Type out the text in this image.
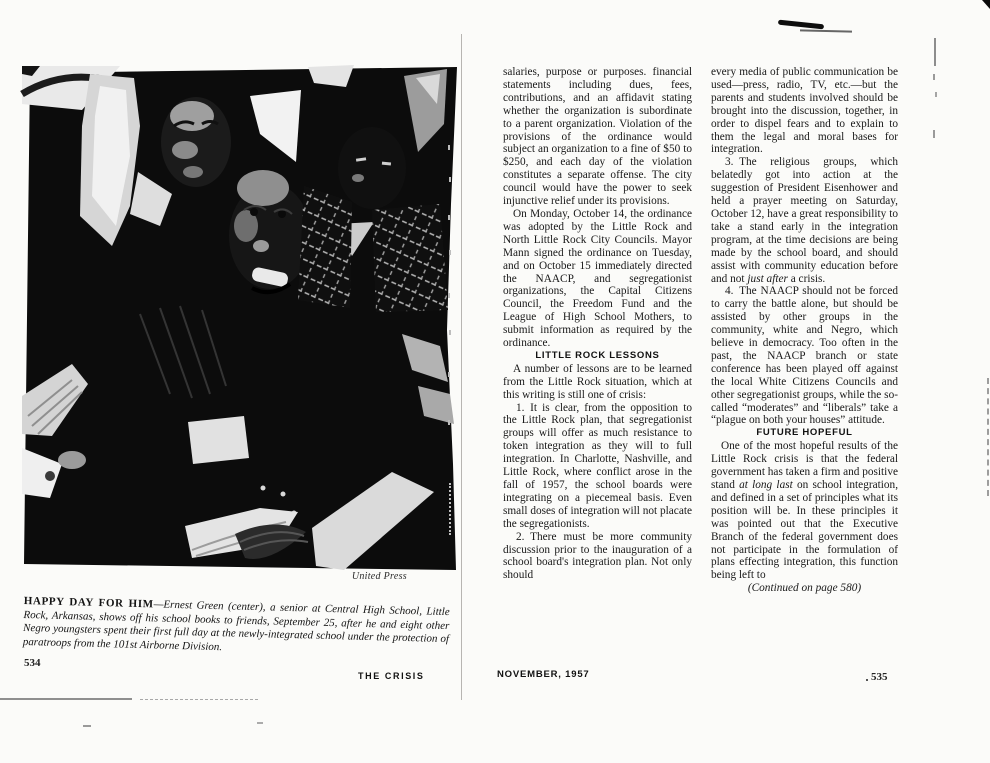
United Press

HAPPY DAY FOR HIM—Ernest Green (center), a senior at Central High School, Little Rock, Arkansas, shows off his school books to friends, September 25, after he and eight other Negro youngsters spent their first full day at the newly-integrated school under the protection of paratroops from the 101st Airborne Division.

534
THE CRISIS

salaries, purpose or purposes. financial statements including dues, fees, contributions, and an affidavit stating whether the organization is subordinate to a parent organization. Violation of the provisions of the ordinance would subject an organization to a fine of $50 to $250, and each day of the violation constitutes a separate offense. The city council would have the power to seek injunctive relief under its provisions.

On Monday, October 14, the ordinance was adopted by the Little Rock and North Little Rock City Councils. Mayor Mann signed the ordinance on Tuesday, and on October 15 immediately directed the NAACP, and segregationist organizations, the Capital Citizens Council, the Freedom Fund and the League of High School Mothers, to submit information as required by the ordinance.

LITTLE ROCK LESSONS

A number of lessons are to be learned from the Little Rock situation, which at this writing is still one of crisis:

1. It is clear, from the opposition to the Little Rock plan, that segregationist groups will offer as much resistance to token integration as they will to full integration. In Charlotte, Nashville, and Little Rock, where conflict arose in the fall of 1957, the school boards were integrating on a piecemeal basis. Even small doses of integration will not placate the segregationists.

2. There must be more community discussion prior to the inauguration of a school board's integration plan. Not only should

every media of public communication be used—press, radio, TV, etc.—but the parents and students involved should be brought into the discussion, together, in order to dispel fears and to explain to them the legal and moral bases for integration.

3. The religious groups, which belatedly got into action at the suggestion of President Eisenhower and held a prayer meeting on Saturday, October 12, have a great responsibility to take a stand early in the integration program, at the time decisions are being made by the school board, and should assist with community education before and not just after a crisis.

4. The NAACP should not be forced to carry the battle alone, but should be assisted by other groups in the community, white and Negro, which believe in democracy. Too often in the past, the NAACP branch or state conference has been played off against the local White Citizens Councils and other segregationist groups, while the so-called “moderates” and “liberals” take a “plague on both your houses” attitude.

FUTURE HOPEFUL

One of the most hopeful results of the Little Rock crisis is that the federal government has taken a firm and positive stand at long last on school integration, and defined in a set of principles what its position will be. In these principles it was pointed out that the Executive Branch of the federal government does not participate in the formulation of plans effecting integration, this function being left to

(Continued on page 580)

NOVEMBER, 1957	535
